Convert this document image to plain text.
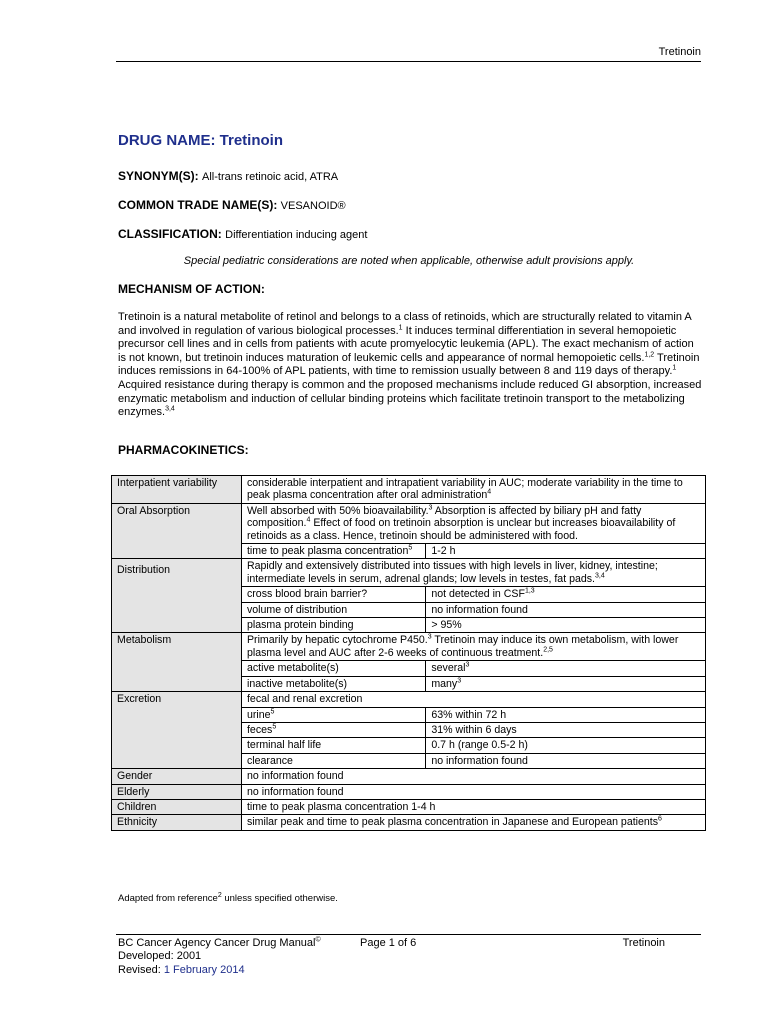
Tretinoin
DRUG NAME: Tretinoin
SYNONYM(S): All-trans retinoic acid, ATRA
COMMON TRADE NAME(S): VESANOID®
CLASSIFICATION: Differentiation inducing agent
Special pediatric considerations are noted when applicable, otherwise adult provisions apply.
MECHANISM OF ACTION:
Tretinoin is a natural metabolite of retinol and belongs to a class of retinoids, which are structurally related to vitamin A and involved in regulation of various biological processes.$^1$ It induces terminal differentiation in several hemopoietic precursor cell lines and in cells from patients with acute promyelocytic leukemia (APL). The exact mechanism of action is not known, but tretinoin induces maturation of leukemic cells and appearance of normal hemopoietic cells.$^{1,2}$ Tretinoin induces remissions in 64-100% of APL patients, with time to remission usually between 8 and 119 days of therapy.$^1$ Acquired resistance during therapy is common and the proposed mechanisms include reduced GI absorption, increased enzymatic metabolism and induction of cellular binding proteins which facilitate tretinoin transport to the metabolizing enzymes.$^{3,4}$
PHARMACOKINETICS:
Interpatient variability	considerable interpatient and intrapatient variability in AUC; moderate variability in the time to peak plasma concentration after oral administration$^4$
Oral Absorption	Well absorbed with 50% bioavailability.$^3$ Absorption is affected by biliary pH and fatty composition.$^4$ Effect of food on tretinoin absorption is unclear but increases bioavailability of retinoids as a class. Hence, tretinoin should be administered with food.	
	time to peak plasma concentration$^5$	1-2 h
Distribution	Rapidly and extensively distributed into tissues with high levels in liver, kidney, intestine; intermediate levels in serum, adrenal glands; low levels in testes, fat pads.$^{3,4}$
	cross blood brain barrier?	not detected in CSF$^{1,3}$
	volume of distribution	no information found
	plasma protein binding	> 95%
Metabolism	Primarily by hepatic cytochrome P450.$^3$ Tretinoin may induce its own metabolism, with lower plasma level and AUC after 2-6 weeks of continuous treatment.$^{2,5}$
	active metabolite(s)	several$^3$
	inactive metabolite(s)	many$^3$
Excretion	fecal and renal excretion	
	urine$^5$	63% within 72 h
	feces$^5$	31% within 6 days
	terminal half life	0.7 h (range 0.5-2 h)
	clearance	no information found
Gender	no information found	
Elderly	no information found	
Children	time to peak plasma concentration 1-4 h	
Ethnicity	similar peak and time to peak plasma concentration in Japanese and European patients$^6$
Adapted from reference$^2$ unless specified otherwise.
BC Cancer Agency Cancer Drug Manual©	Page 1 of 6	Tretinoin
Developed: 2001
Revised: 1 February 2014
